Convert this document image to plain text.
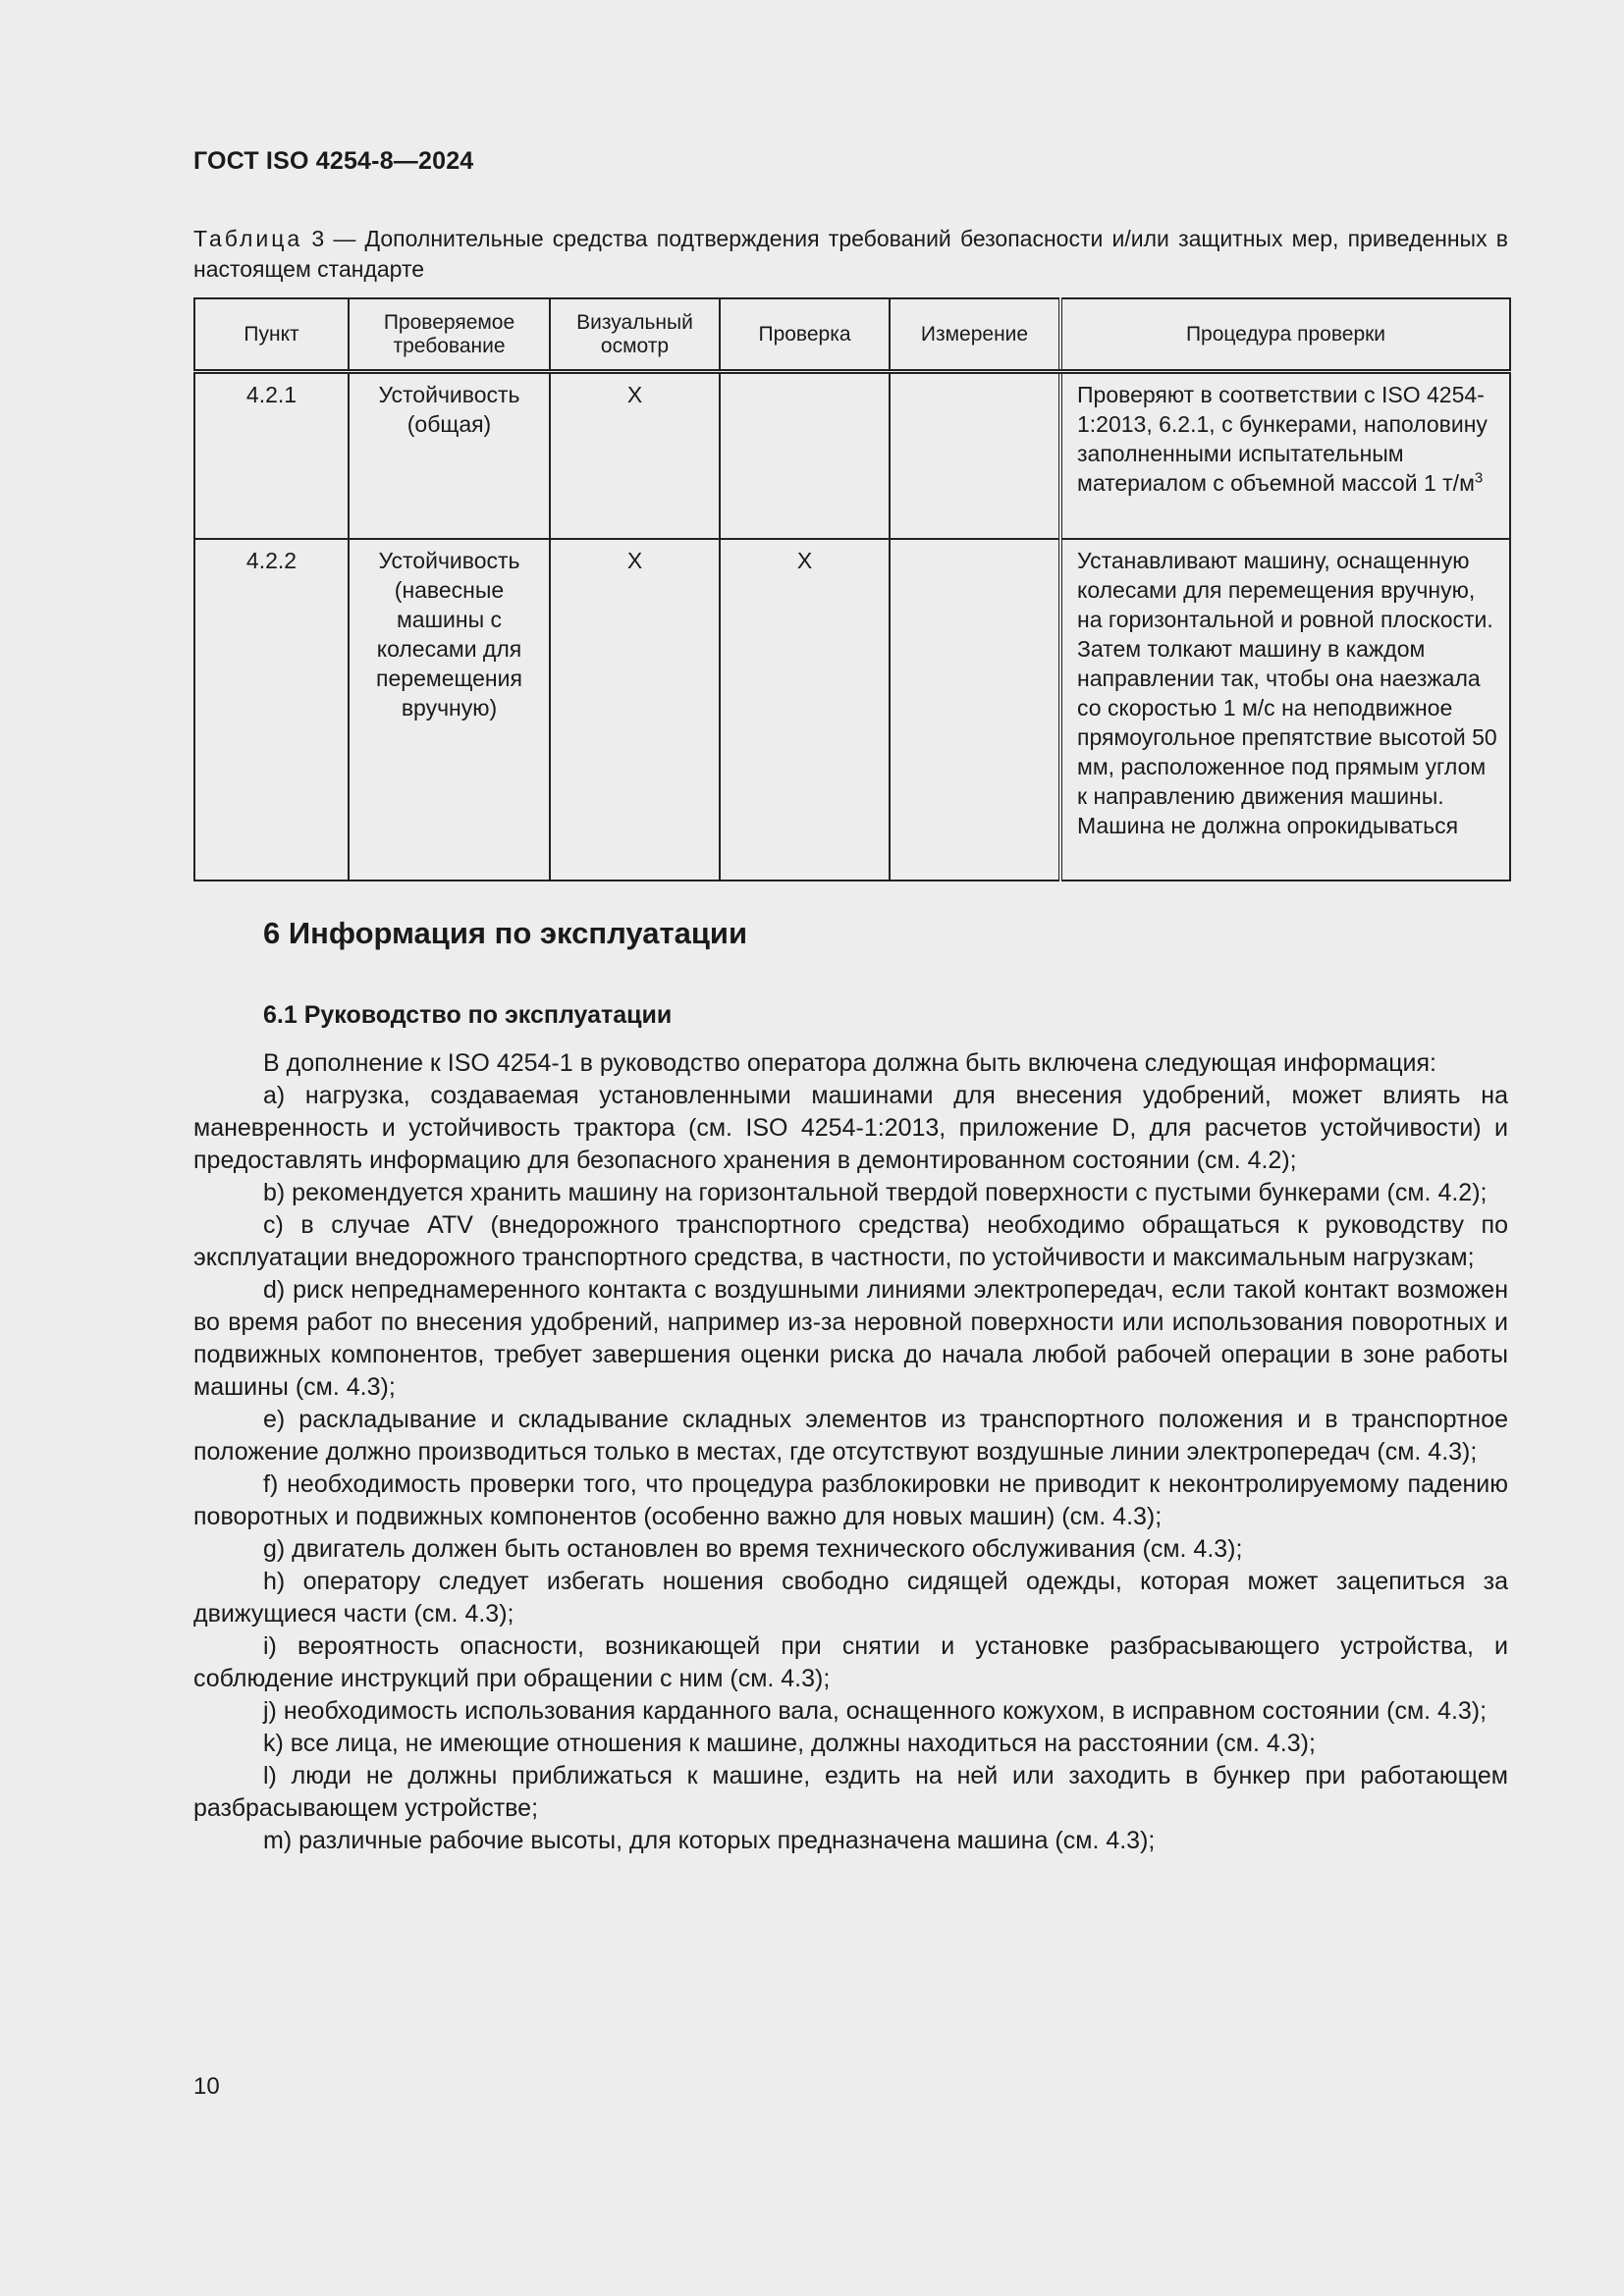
ГОСТ ISO 4254-8—2024
Таблица 3 — Дополнительные средства подтверждения требований безопасности и/или защитных мер, приведенных в настоящем стандарте
Пункт	Проверяемое требование	Визуальный осмотр	Проверка	Измерение	Процедура проверки
4.2.1	Устойчивость (общая)	X			Проверяют в соответствии с ISO 4254-1:2013, 6.2.1, с бункерами, наполовину заполненными испытательным материалом с объемной массой 1 $т/м^3$
4.2.2	Устойчивость (навесные машины с колесами для перемещения вручную)	X	X		Устанавливают машину, оснащенную колесами для перемещения вручную, на горизонтальной и ровной плоскости. Затем толкают машину в каждом направлении так, чтобы она наезжала со скоростью 1 м/с на неподвижное прямоугольное препятствие высотой 50 мм, расположенное под прямым углом к направлению движения машины. Машина не должна опрокидываться
6 Информация по эксплуатации
6.1 Руководство по эксплуатации

В дополнение к ISO 4254-1 в руководство оператора должна быть включена следующая информация:

a) нагрузка, создаваемая установленными машинами для внесения удобрений, может влиять на маневренность и устойчивость трактора (см. ISO 4254-1:2013, приложение D, для расчетов устойчивости) и предоставлять информацию для безопасного хранения в демонтированном состоянии (см. 4.2);

b) рекомендуется хранить машину на горизонтальной твердой поверхности с пустыми бункерами (см. 4.2);

c) в случае ATV (внедорожного транспортного средства) необходимо обращаться к руководству по эксплуатации внедорожного транспортного средства, в частности, по устойчивости и максимальным нагрузкам;

d) риск непреднамеренного контакта с воздушными линиями электропередач, если такой контакт возможен во время работ по внесения удобрений, например из-за неровной поверхности или использования поворотных и подвижных компонентов, требует завершения оценки риска до начала любой рабочей операции в зоне работы машины (см. 4.3);

e) раскладывание и складывание складных элементов из транспортного положения и в транспортное положение должно производиться только в местах, где отсутствуют воздушные линии электропередач (см. 4.3);

f) необходимость проверки того, что процедура разблокировки не приводит к неконтролируемому падению поворотных и подвижных компонентов (особенно важно для новых машин) (см. 4.3);

g) двигатель должен быть остановлен во время технического обслуживания (см. 4.3);

h) оператору следует избегать ношения свободно сидящей одежды, которая может зацепиться за движущиеся части (см. 4.3);

i) вероятность опасности, возникающей при снятии и установке разбрасывающего устройства, и соблюдение инструкций при обращении с ним (см. 4.3);

j) необходимость использования карданного вала, оснащенного кожухом, в исправном состоянии (см. 4.3);

k) все лица, не имеющие отношения к машине, должны находиться на расстоянии (см. 4.3);

l) люди не должны приближаться к машине, ездить на ней или заходить в бункер при работающем разбрасывающем устройстве;

m) различные рабочие высоты, для которых предназначена машина (см. 4.3);

10
